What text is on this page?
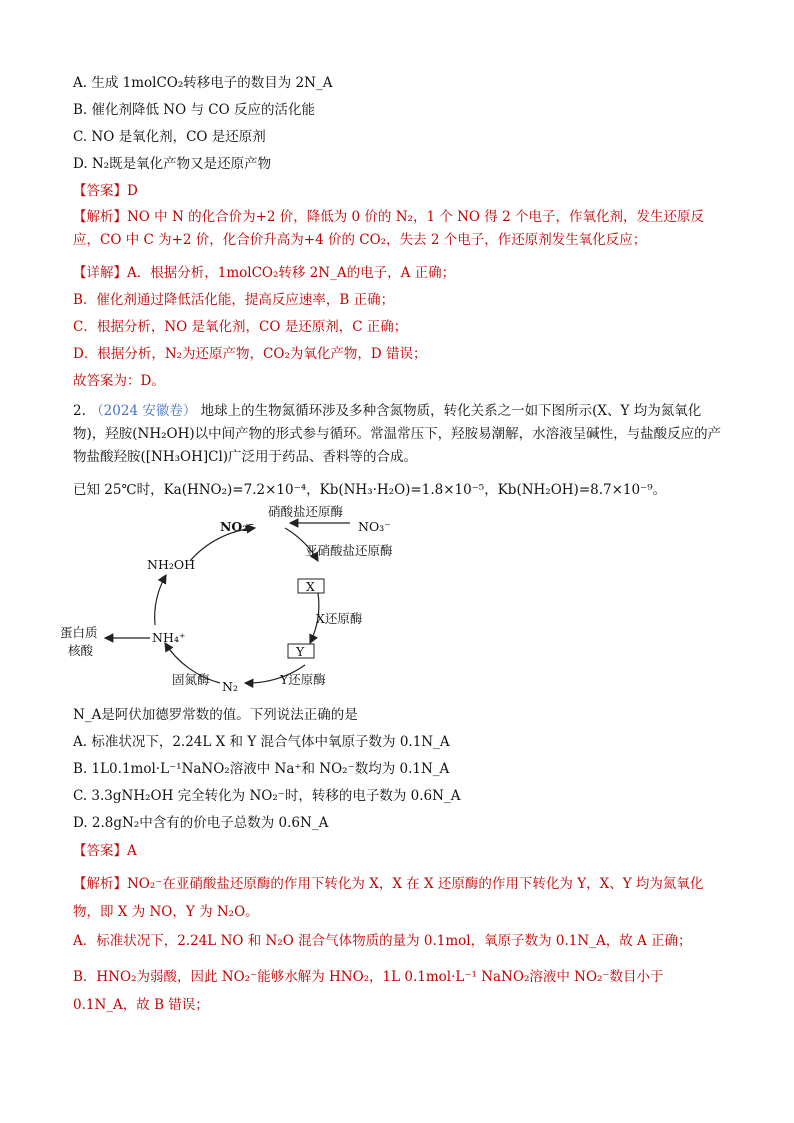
A. 生成 1molCO₂转移电子的数目为 2N_A
B. 催化剂降低 NO 与 CO 反应的活化能
C. NO 是氧化剂，CO 是还原剂
D. N₂既是氧化产物又是还原产物
【答案】D
【解析】NO 中 N 的化合价为+2 价，降低为 0 价的 N₂，1 个 NO 得 2 个电子，作氧化剂，发生还原反应，CO 中 C 为+2 价，化合价升高为+4 价的 CO₂，失去 2 个电子，作还原剂发生氧化反应；
【详解】A．根据分析，1molCO₂转移 2N_A的电子，A 正确；
B．催化剂通过降低活化能，提高反应速率，B 正确；
C．根据分析，NO 是氧化剂，CO 是还原剂，C 正确；
D．根据分析，N₂为还原产物，CO₂为氧化产物，D 错误；
故答案为：D。
2. （2024 安徽卷） 地球上的生物氮循环涉及多种含氮物质，转化关系之一如下图所示(X、Y 均为氮氧化物)，羟胺(NH₂OH)以中间产物的形式参与循环。常温常压下，羟胺易潮解，水溶液呈碱性，与盐酸反应的产物盐酸羟胺([NH₃OH]Cl)广泛用于药品、香料等的合成。
已知 25℃时，Ka(HNO₂)=7.2×10⁻⁴，Kb(NH₃·H₂O)=1.8×10⁻⁵，Kb(NH₂OH)=8.7×10⁻⁹。
NO₂⁻	NO₃⁻
硝酸盐还原酶
亚硝酸盐还原酶
X
X还原酶
Y
Y还原酶
N₂
固氮酶
NH₄⁺
蛋白质
核酸
NH₂OH
N_A是阿伏加德罗常数的值。下列说法正确的是
A. 标准状况下，2.24L X 和 Y 混合气体中氧原子数为 0.1N_A
B. 1L0.1mol·L⁻¹NaNO₂溶液中 Na⁺和 NO₂⁻数均为 0.1N_A
C. 3.3gNH₂OH 完全转化为 NO₂⁻时，转移的电子数为 0.6N_A
D. 2.8gN₂中含有的价电子总数为 0.6N_A
【答案】A
【解析】NO₂⁻在亚硝酸盐还原酶的作用下转化为 X，X 在 X 还原酶的作用下转化为 Y，X、Y 均为氮氧化物，即 X 为 NO，Y 为 N₂O。
A．标准状况下，2.24L NO 和 N₂O 混合气体物质的量为 0.1mol，氧原子数为 0.1N_A，故 A 正确；
B．HNO₂为弱酸，因此 NO₂⁻能够水解为 HNO₂，1L 0.1mol·L⁻¹ NaNO₂溶液中 NO₂⁻数目小于 0.1N_A，故 B 错误；
